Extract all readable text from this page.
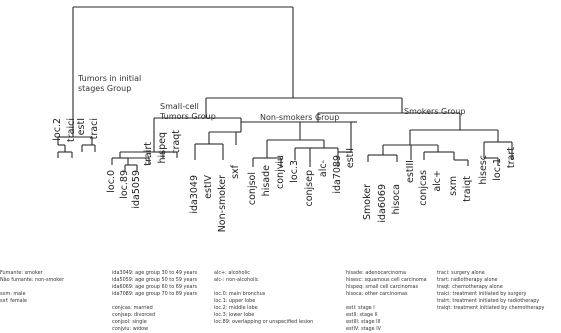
Tumors in initial
stages Group
Small-cell
Tumors Group	Non-smokers Group
Smokers Group
loc.2 traici estI traci
loc.0 loc.89 ida5059
trairt hispeq traqt
ida3049 estIV Non-smoker
sxf
conjsol hisade conjviu loc.3 conjsep
alc- ida7089 estII
Smoker ida6069 hisoca
estIII conjcas alc+ sxm traiqt
hisesc loc.1
trart
Fumante: smoker
Não fumante: non-smoker
sxm: male
sxf: female
ida3049: age group 30 to 49 years
ida5059: age group 50 to 59 years
ida6069: age group 60 to 69 years
ida7089: age group 70 to 89 years
conjcas: married
conjsep: divorced
conjsol: single
conjviu: widow
alc+: alcoholic
alc-: non-alcoholic
loc.0: main bronchus
loc.1: upper lobe
loc.2: middle lobe
loc.3: lower lobe
loc.89: overlapping or unspecified lesion
hisade: adenocarcinoma
hisesc: squamous cell carcinoma
hispeq: small cell carcinomas
hisoca: other carcinomas
estI: stage I
estII: stage II
estIII: stage III
estIV: stage IV
traci: surgery alone
trart: radiotherapy alone
traqt: chemotherapy alone
traici: treatment initiated by surgery
trairt: treatment initiated by radiotherapy
traiqt: treatment initiated by chemotherapy
